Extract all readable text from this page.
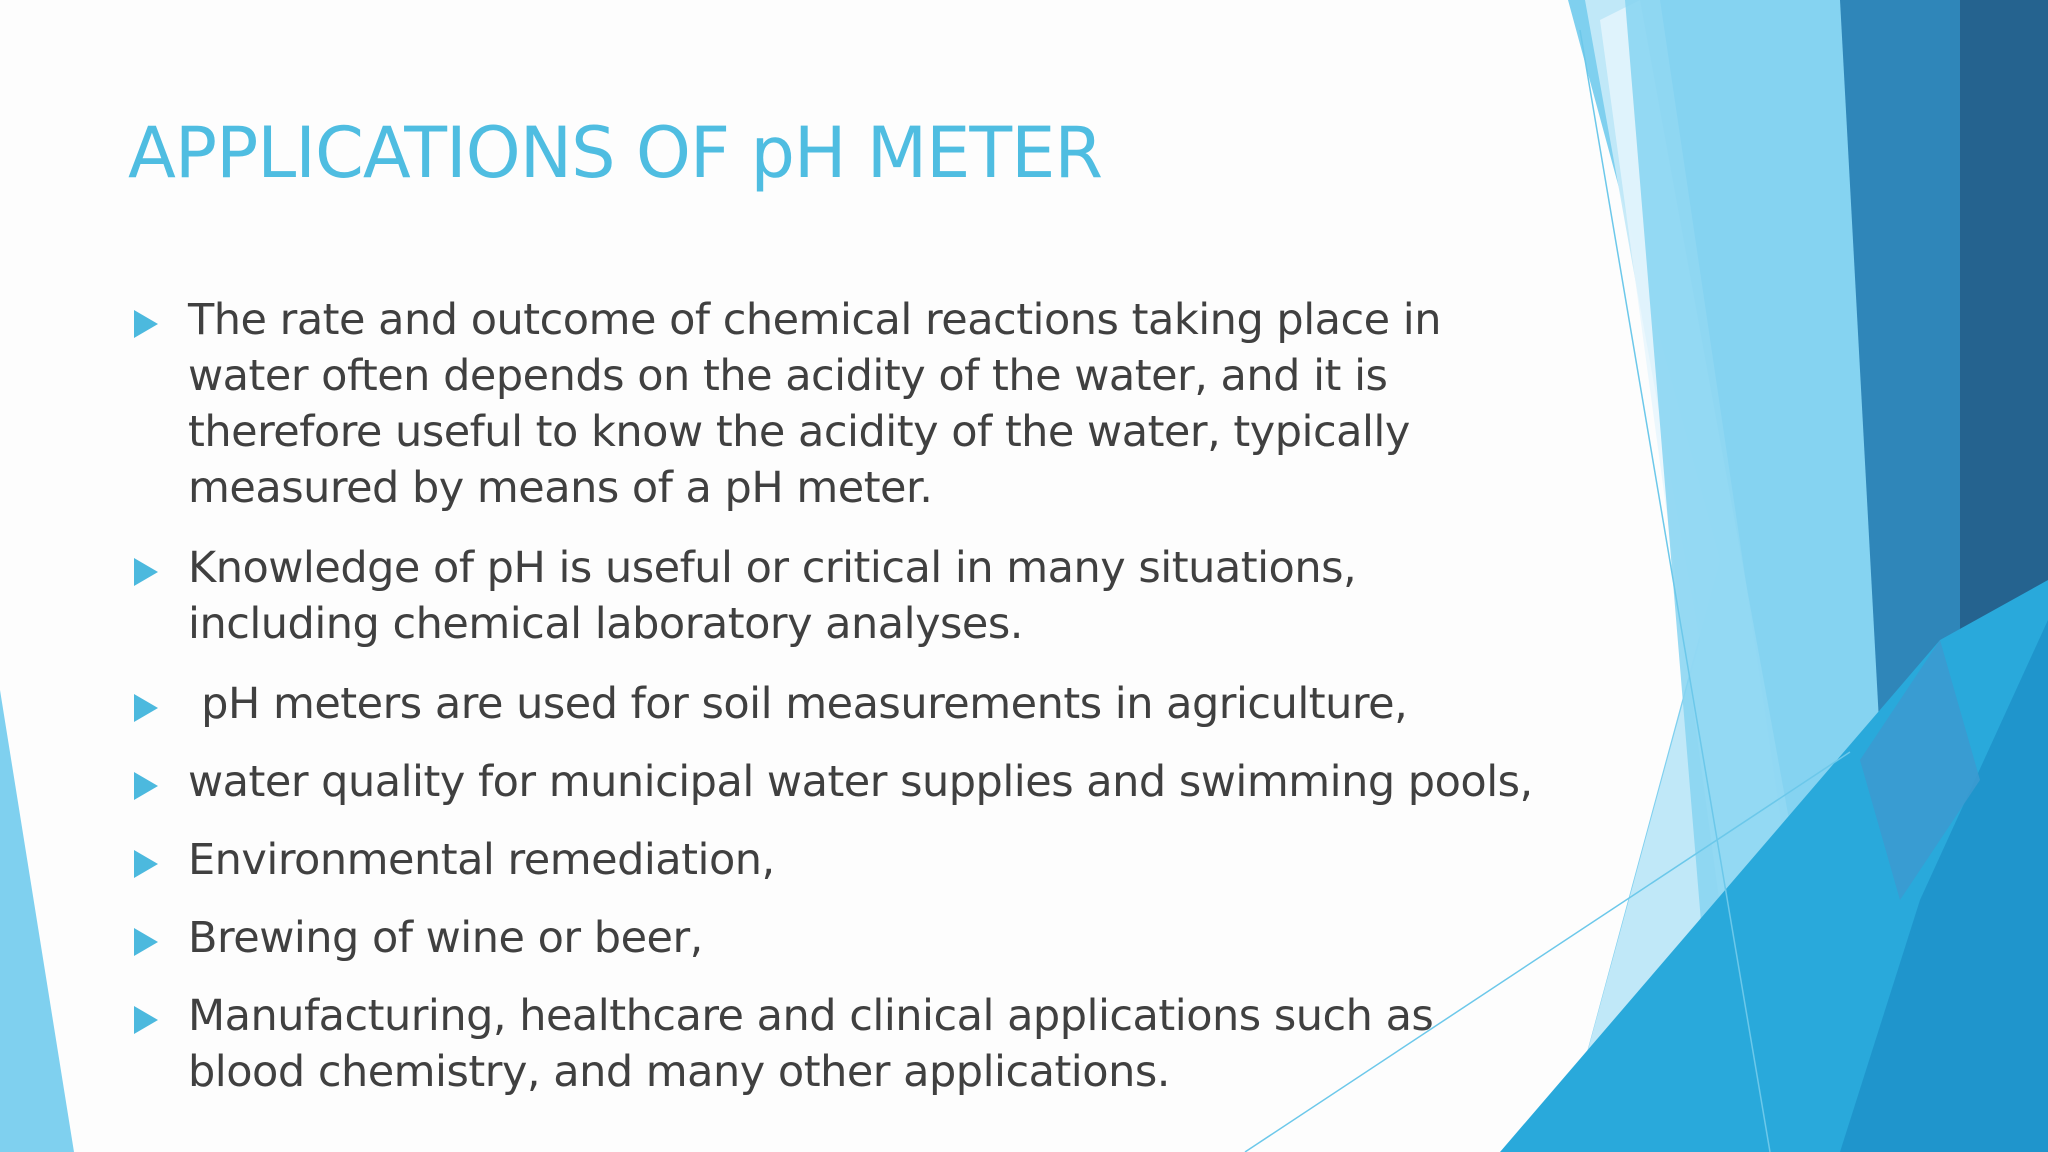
APPLICATIONS OF pH METER
The rate and outcome of chemical reactions taking place in water often depends on the acidity of the water, and it is therefore useful to know the acidity of the water, typically measured by means of a pH meter.
Knowledge of pH is useful or critical in many situations, including chemical laboratory analyses.
pH meters are used for soil measurements in agriculture,
water quality for municipal water supplies and swimming pools,
Environmental remediation,
Brewing of wine or beer,
Manufacturing, healthcare and clinical applications such as blood chemistry, and many other applications.
